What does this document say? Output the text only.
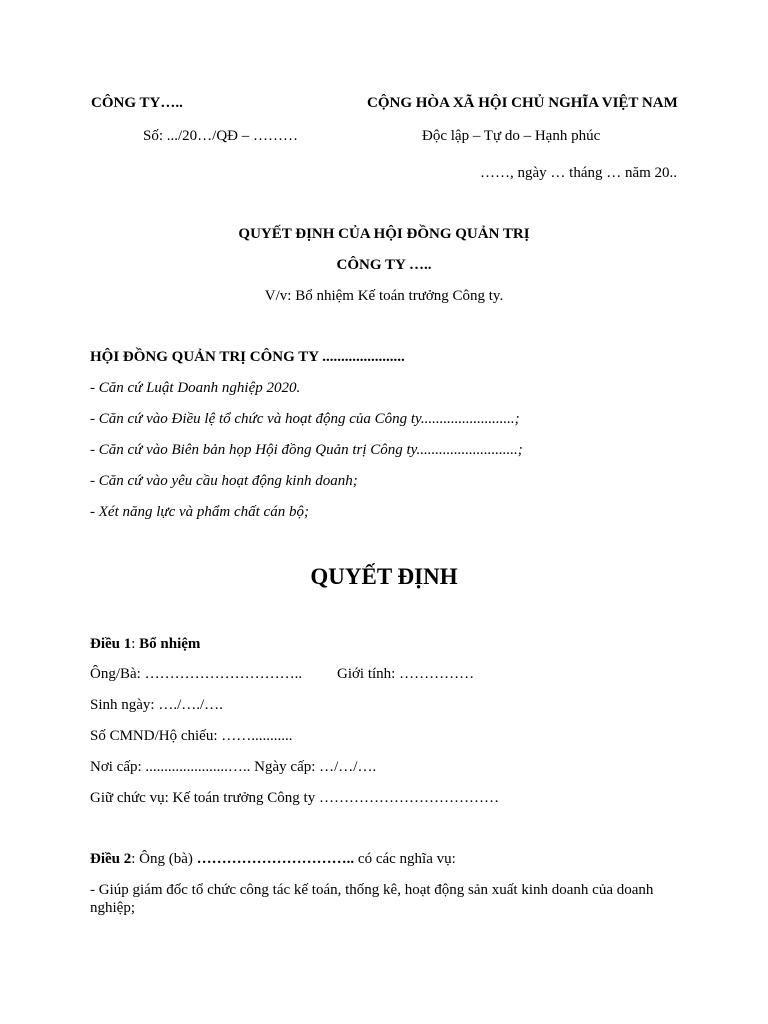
CÔNG TY…..	CỘNG HÒA XÃ HỘI CHỦ NGHĨA VIỆT NAM
Số: .../20…/QĐ – ………	Độc lập – Tự do – Hạnh phúc
……, ngày … tháng … năm 20..
QUYẾT ĐỊNH CỦA HỘI ĐỒNG QUẢN TRỊ
CÔNG TY …..
V/v: Bổ nhiệm Kế toán trưởng Công ty.
HỘI ĐỒNG QUẢN TRỊ CÔNG TY ......................
- Căn cứ Luật Doanh nghiệp 2020.
- Căn cứ vào Điều lệ tổ chức và hoạt động của Công ty.........................;
- Căn cứ vào Biên bản họp Hội đồng Quản trị Công ty...........................;
- Căn cứ vào yêu cầu hoạt động kinh doanh;
- Xét năng lực và phẩm chất cán bộ;
QUYẾT ĐỊNH
Điều 1: Bổ nhiệm
Ông/Bà: ………………………….. Giới tính: ……………
Sinh ngày: …./…./….
Số CMND/Hộ chiếu: ……...........
Nơi cấp: ......................….. Ngày cấp: …/…/….
Giữ chức vụ: Kế toán trưởng Công ty ………………………………
Điều 2: Ông (bà) ………………………….. có các nghĩa vụ:
- Giúp giám đốc tổ chức công tác kế toán, thống kê, hoạt động sản xuất kinh doanh của doanh nghiệp;
